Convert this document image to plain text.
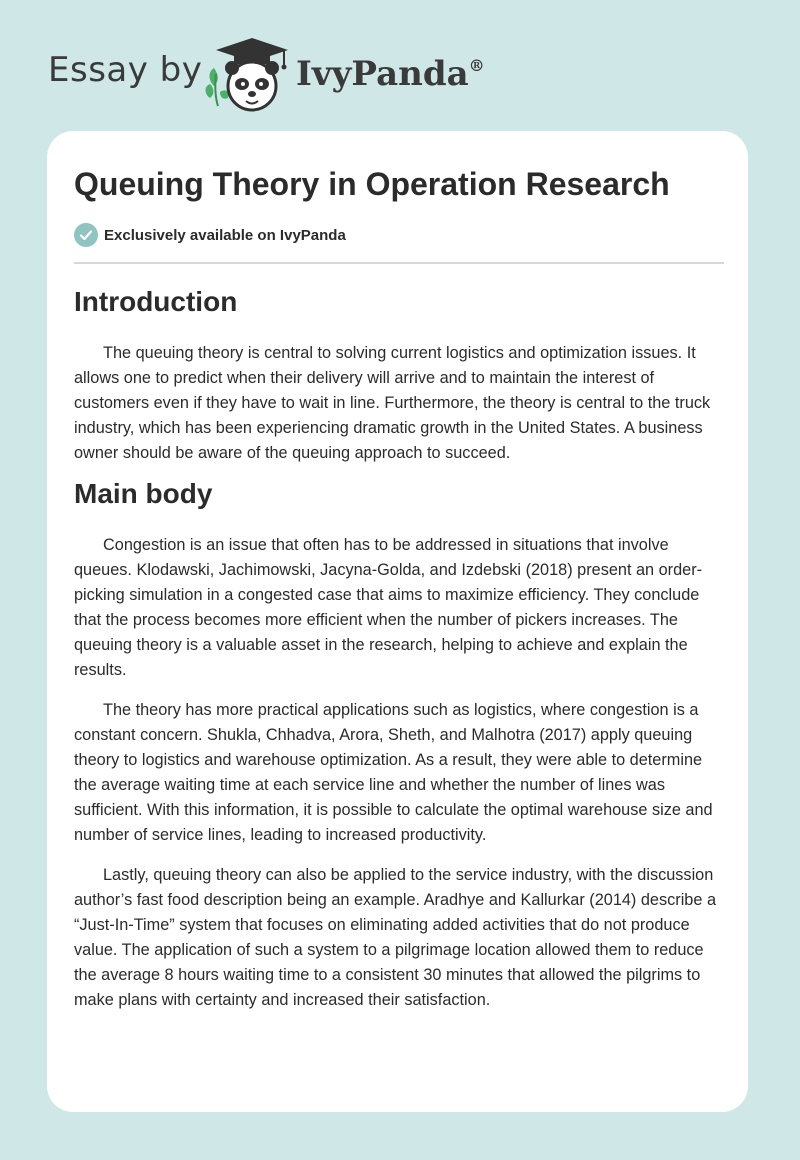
Essay by	IvyPanda®
Queuing Theory in Operation Research
Exclusively available on IvyPanda
Introduction

The queuing theory is central to solving current logistics and optimization issues. It allows one to predict when their delivery will arrive and to maintain the interest of customers even if they have to wait in line. Furthermore, the theory is central to the truck industry, which has been experiencing dramatic growth in the United States. A business owner should be aware of the queuing approach to succeed.

Main body

Congestion is an issue that often has to be addressed in situations that involve queues. Klodawski, Jachimowski, Jacyna-Golda, and Izdebski (2018) present an order-picking simulation in a congested case that aims to maximize efficiency. They conclude that the process becomes more efficient when the number of pickers increases. The queuing theory is a valuable asset in the research, helping to achieve and explain the results.

The theory has more practical applications such as logistics, where congestion is a constant concern. Shukla, Chhadva, Arora, Sheth, and Malhotra (2017) apply queuing theory to logistics and warehouse optimization. As a result, they were able to determine the average waiting time at each service line and whether the number of lines was sufficient. With this information, it is possible to calculate the optimal warehouse size and number of service lines, leading to increased productivity.

Lastly, queuing theory can also be applied to the service industry, with the discussion author’s fast food description being an example. Aradhye and Kallurkar (2014) describe a “Just-In-Time” system that focuses on eliminating added activities that do not produce value. The application of such a system to a pilgrimage location allowed them to reduce the average 8 hours waiting time to a consistent 30 minutes that allowed the pilgrims to make plans with certainty and increased their satisfaction.
